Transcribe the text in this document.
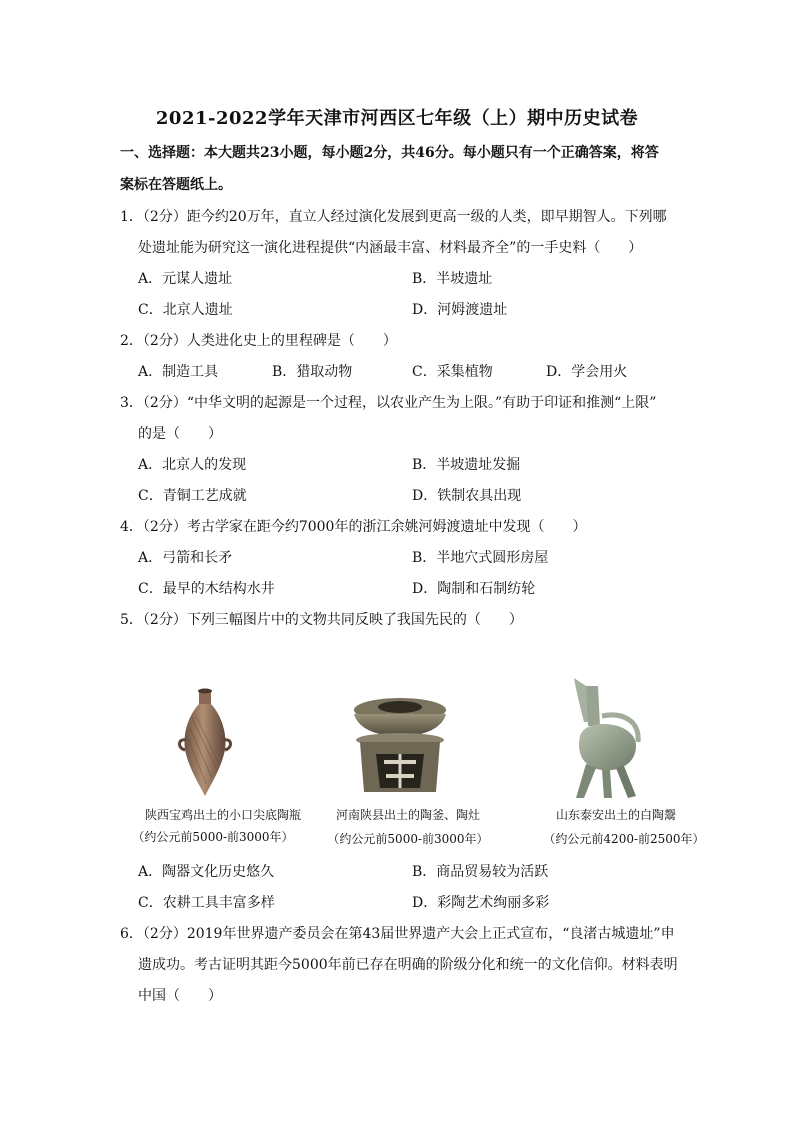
2021-2022学年天津市河西区七年级（上）期中历史试卷
一、选择题：本大题共23小题，每小题2分，共46分。每小题只有一个正确答案，将答
案标在答题纸上。
1．（2分）距今约20万年，直立人经过演化发展到更高一级的人类，即早期智人。下列哪
处遗址能为研究这一演化进程提供“内涵最丰富、材料最齐全”的一手史料（　　）
A．元谋人遗址	B．半坡遗址
C．北京人遗址	D．河姆渡遗址
2．（2分）人类进化史上的里程碑是（　　）
A．制造工具	B．猎取动物	C．采集植物	D．学会用火
3．（2分）“中华文明的起源是一个过程，以农业产生为上限。”有助于印证和推测“上限”
的是（　　）
A．北京人的发现	B．半坡遗址发掘
C．青铜工艺成就	D．铁制农具出现
4．（2分）考古学家在距今约7000年的浙江余姚河姆渡遗址中发现（　　）
A．弓箭和长矛	B．半地穴式圆形房屋
C．最早的木结构水井	D．陶制和石制纺轮
5．（2分）下列三幅图片中的文物共同反映了我国先民的（　　）
陕西宝鸡出土的小口尖底陶瓶
（约公元前5000-前3000年）
河南陕县出土的陶釜、陶灶
（约公元前5000-前3000年）
山东泰安出土的白陶鬶
（约公元前4200-前2500年）
A．陶器文化历史悠久	B．商品贸易较为活跃
C．农耕工具丰富多样	D．彩陶艺术绚丽多彩
6．（2分）2019年世界遗产委员会在第43届世界遗产大会上正式宣布，“良渚古城遗址”申
遗成功。考古证明其距今5000年前已存在明确的阶级分化和统一的文化信仰。材料表明
中国（　　）
